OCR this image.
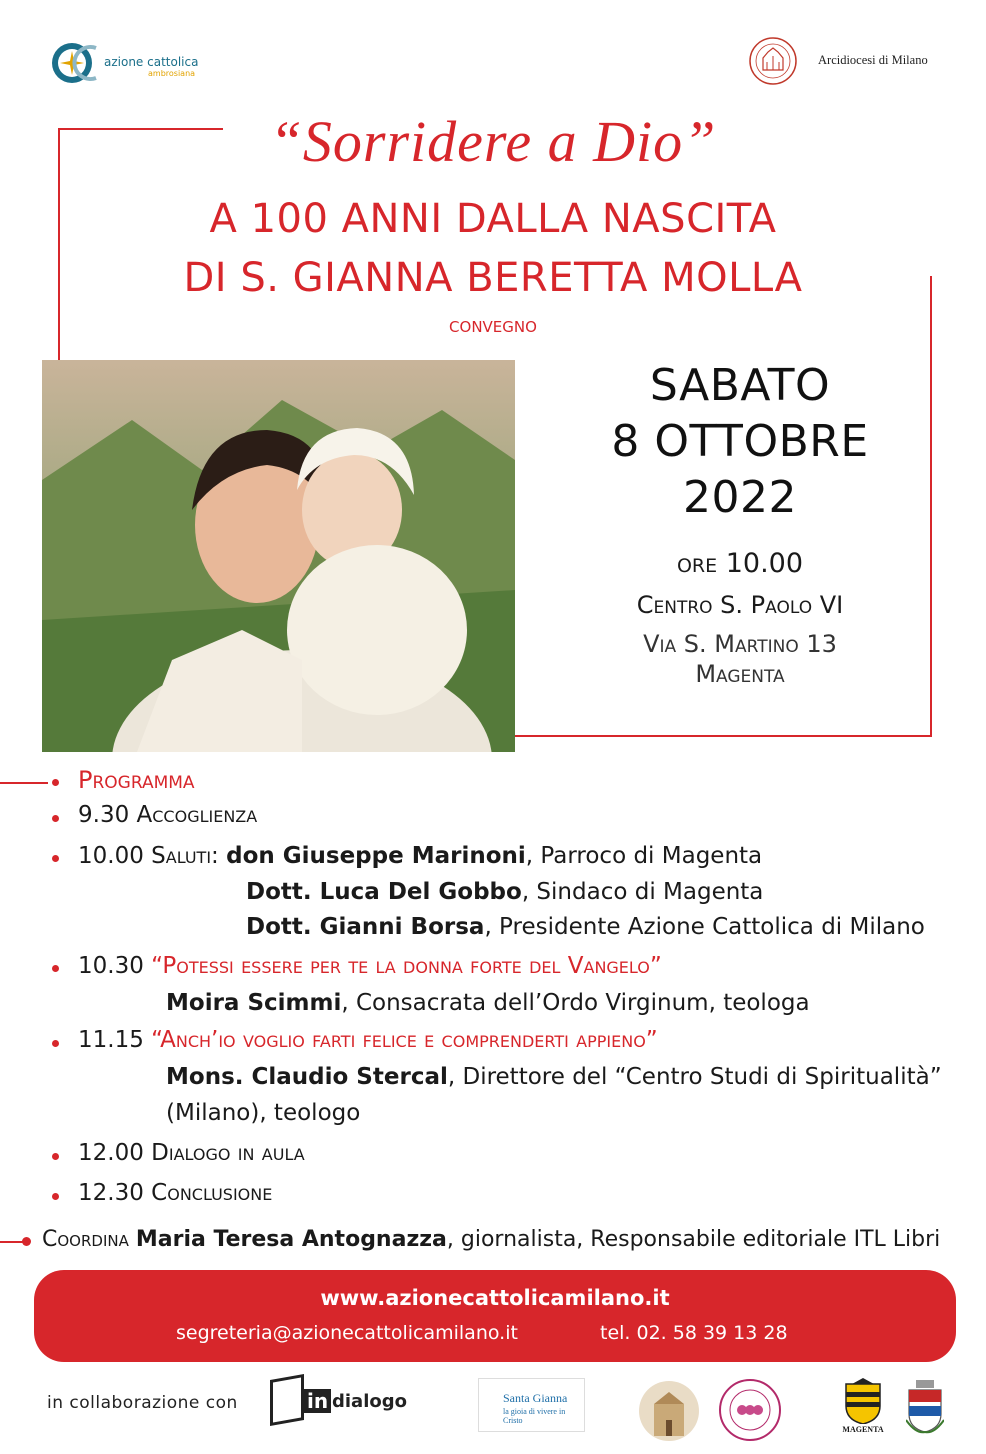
azione cattolica
ambrosiana
Arcidiocesi di Milano
“Sorridere a Dio”
A 100 ANNI DALLA NASCITA
DI S. GIANNA BERETTA MOLLA
CONVEGNO
SABATO
8 OTTOBRE
2022
ore 10.00
Centro S. Paolo VI
Via S. Martino 13
Magenta
Programma
9.30 Accoglienza
10.00 Saluti: don Giuseppe Marinoni, Parroco di Magenta
Dott. Luca Del Gobbo, Sindaco di Magenta
Dott. Gianni Borsa, Presidente Azione Cattolica di Milano
10.30 “Potessi essere per te la donna forte del Vangelo”
Moira Scimmi, Consacrata dell’Ordo Virginum, teologa
11.15 “Anch’io voglio farti felice e comprenderti appieno”
Mons. Claudio Stercal, Direttore del “Centro Studi di Spiritualità”
(Milano), teologo
12.00 Dialogo in aula
12.30 Conclusione
Coordina Maria Teresa Antognazza, giornalista, Responsabile editoriale ITL Libri
www.azionecattolicamilano.it
segreteria@azionecattolicamilano.it	tel. 02. 58 39 13 28
in collaborazione con	in dialogo	Santa Gianna
la gioia di vivere in Cristo
MAGENTA
